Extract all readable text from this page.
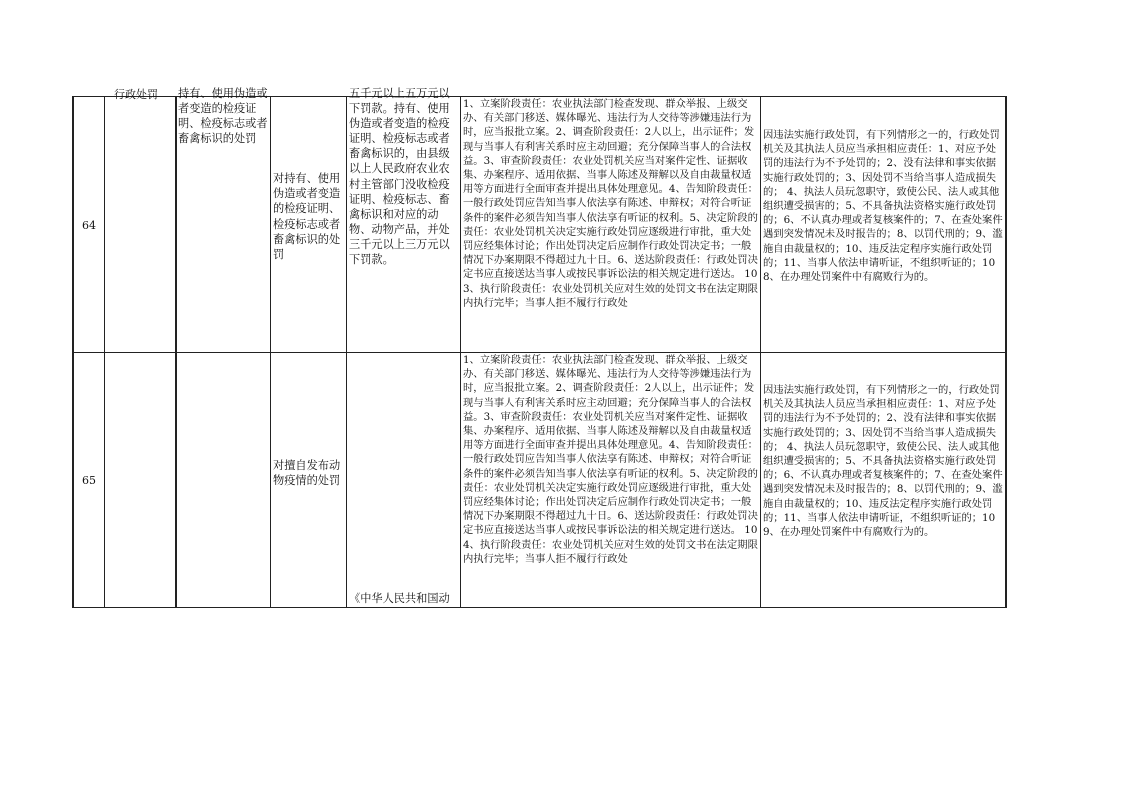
64
行政处罚	持有、使用伪造或者变造的检疫证明、检疫标志或者畜禽标识的处罚
对持有、使用伪造或者变造的检疫证明、检疫标志或者畜禽标识的处罚
五千元以上五万元以下罚款。持有、使用伪造或者变造的检疫证明、检疫标志或者畜禽标识的，由县级以上人民政府农业农村主管部门没收检疫证明、检疫标志、畜禽标识和对应的动物、动物产品，并处三千元以上三万元以下罚款。
1、立案阶段责任：农业执法部门检查发现、群众举报、上级交办、有关部门移送、媒体曝光、违法行为人交待等涉嫌违法行为时，应当报批立案。2、调查阶段责任：2人以上，出示证件；发现与当事人有利害关系时应主动回避；充分保障当事人的合法权益。3、审查阶段责任：农业处罚机关应当对案件定性、证据收集、办案程序、适用依据、当事人陈述及辩解以及自由裁量权适用等方面进行全面审查并提出具体处理意见。4、告知阶段责任：一般行政处罚应告知当事人依法享有陈述、申辩权；对符合听证条件的案件必须告知当事人依法享有听证的权利。5、决定阶段的责任：农业处罚机关决定实施行政处罚应逐级进行审批，重大处罚应经集体讨论；作出处罚决定后应制作行政处罚决定书；一般情况下办案期限不得超过九十日。6、送达阶段责任：行政处罚决定书应直接送达当事人或按民事诉讼法的相关规定进行送达。 103、执行阶段责任：农业处罚机关应对生效的处罚文书在法定期限内执行完毕；当事人拒不履行行政处
因违法实施行政处罚，有下列情形之一的，行政处罚机关及其执法人员应当承担相应责任：1、对应予处罚的违法行为不予处罚的；2、没有法律和事实依据实施行政处罚的；3、因处罚不当给当事人造成损失的； 4、执法人员玩忽职守，致使公民、法人或其他组织遭受损害的；5、不具备执法资格实施行政处罚的；6、不认真办理或者复核案件的；7、在查处案件遇到突发情况未及时报告的；8、以罚代刑的；9、滥施自由裁量权的；10、违反法定程序实施行政处罚的；11、当事人依法申请听证，不组织听证的；108、在办理处罚案件中有腐败行为的。
65
对擅自发布动物疫情的处罚
《中华人民共和国动
1、立案阶段责任：农业执法部门检查发现、群众举报、上级交办、有关部门移送、媒体曝光、违法行为人交待等涉嫌违法行为时，应当报批立案。2、调查阶段责任：2人以上，出示证件；发现与当事人有利害关系时应主动回避；充分保障当事人的合法权益。3、审查阶段责任：农业处罚机关应当对案件定性、证据收集、办案程序、适用依据、当事人陈述及辩解以及自由裁量权适用等方面进行全面审查并提出具体处理意见。4、告知阶段责任：一般行政处罚应告知当事人依法享有陈述、申辩权；对符合听证条件的案件必须告知当事人依法享有听证的权利。5、决定阶段的责任：农业处罚机关决定实施行政处罚应逐级进行审批，重大处罚应经集体讨论；作出处罚决定后应制作行政处罚决定书；一般情况下办案期限不得超过九十日。6、送达阶段责任：行政处罚决定书应直接送达当事人或按民事诉讼法的相关规定进行送达。 104、执行阶段责任：农业处罚机关应对生效的处罚文书在法定期限内执行完毕；当事人拒不履行行政处
因违法实施行政处罚，有下列情形之一的，行政处罚机关及其执法人员应当承担相应责任：1、对应予处罚的违法行为不予处罚的；2、没有法律和事实依据实施行政处罚的；3、因处罚不当给当事人造成损失的； 4、执法人员玩忽职守，致使公民、法人或其他组织遭受损害的；5、不具备执法资格实施行政处罚的；6、不认真办理或者复核案件的；7、在查处案件遇到突发情况未及时报告的；8、以罚代刑的；9、滥施自由裁量权的；10、违反法定程序实施行政处罚的；11、当事人依法申请听证，不组织听证的；109、在办理处罚案件中有腐败行为的。
